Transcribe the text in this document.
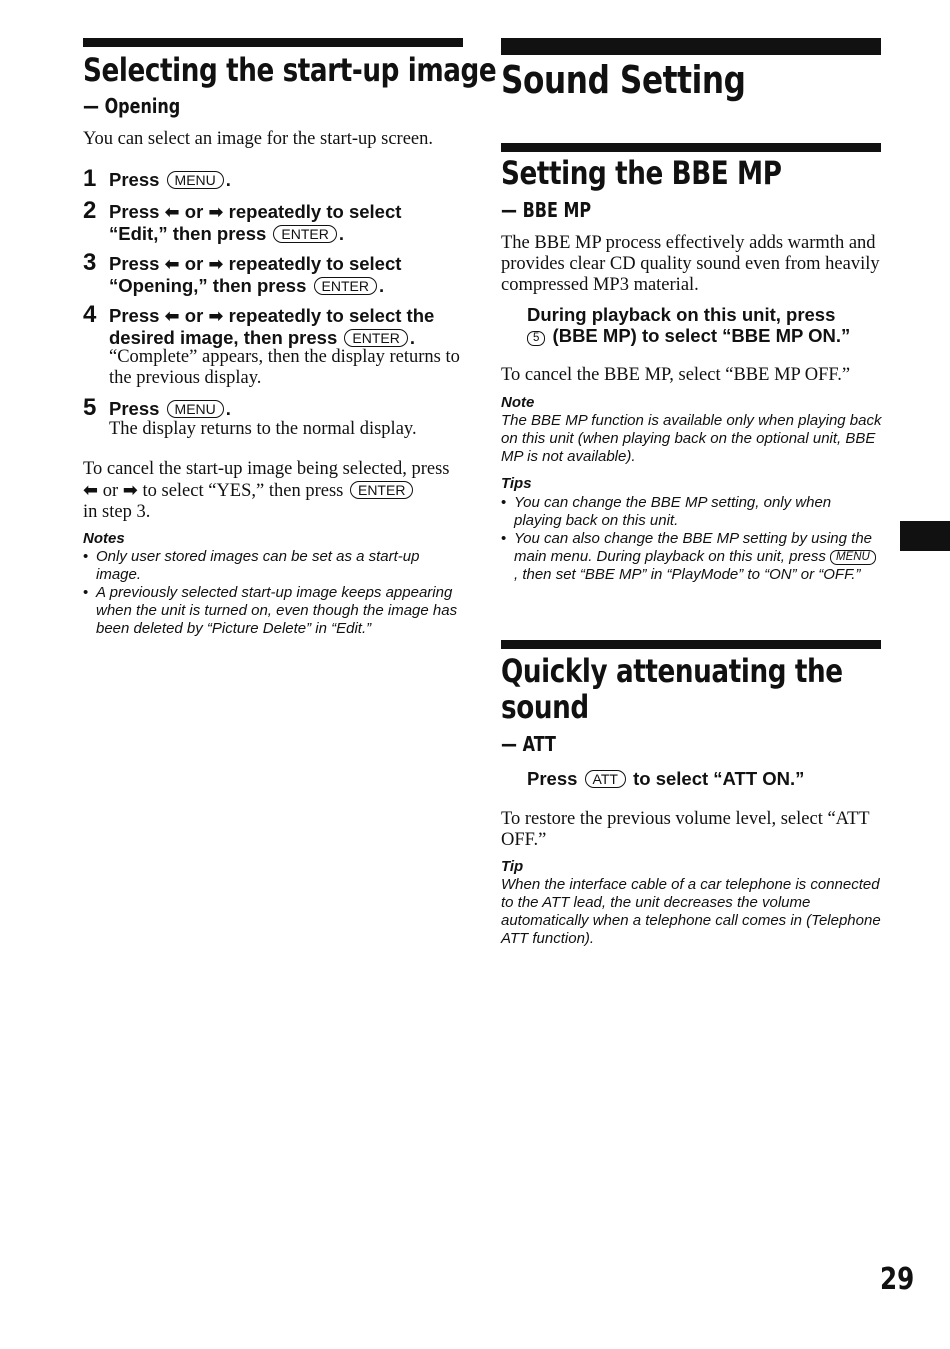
Selecting the start-up image
— Opening

You can select an image for the start-up screen.

1 Press MENU .
2 Press ⬅ or ➡ repeatedly to select
“Edit,” then press ENTER .
3 Press ⬅ or ➡ repeatedly to select
“Opening,” then press ENTER .
4 Press ⬅ or ➡ repeatedly to select the
desired image, then press ENTER .
“Complete” appears, then the display returns to the previous display.
5 Press MENU .
The display returns to the normal display.
To cancel the start-up image being selected, press
⬅ or ➡ to select “YES,” then press ENTER
in step 3.
Notes
• Only user stored images can be set as a start-up image.
• A previously selected start-up image keeps appearing when the unit is turned on, even though the image has been deleted by “Picture Delete” in “Edit.”
Sound Setting
Setting the BBE MP
— BBE MP

The BBE MP process effectively adds warmth and provides clear CD quality sound even from heavily compressed MP3 material.

During playback on this unit, press
5 (BBE MP) to select “BBE MP ON.”

To cancel the BBE MP, select “BBE MP OFF.”

Note
The BBE MP function is available only when playing back on this unit (when playing back on the optional unit, BBE MP is not available).
Tips
• You can change the BBE MP setting, only when playing back on this unit.
• You can also change the BBE MP setting by using the main menu. During playback on this unit, press MENU, then set “BBE MP” in “PlayMode” to “ON” or “OFF.”
Quickly attenuating the
sound
— ATT
Press ATT to select “ATT ON.”

To restore the previous volume level, select “ATT OFF.”

Tip
When the interface cable of a car telephone is connected to the ATT lead, the unit decreases the volume automatically when a telephone call comes in (Telephone ATT function).
29
